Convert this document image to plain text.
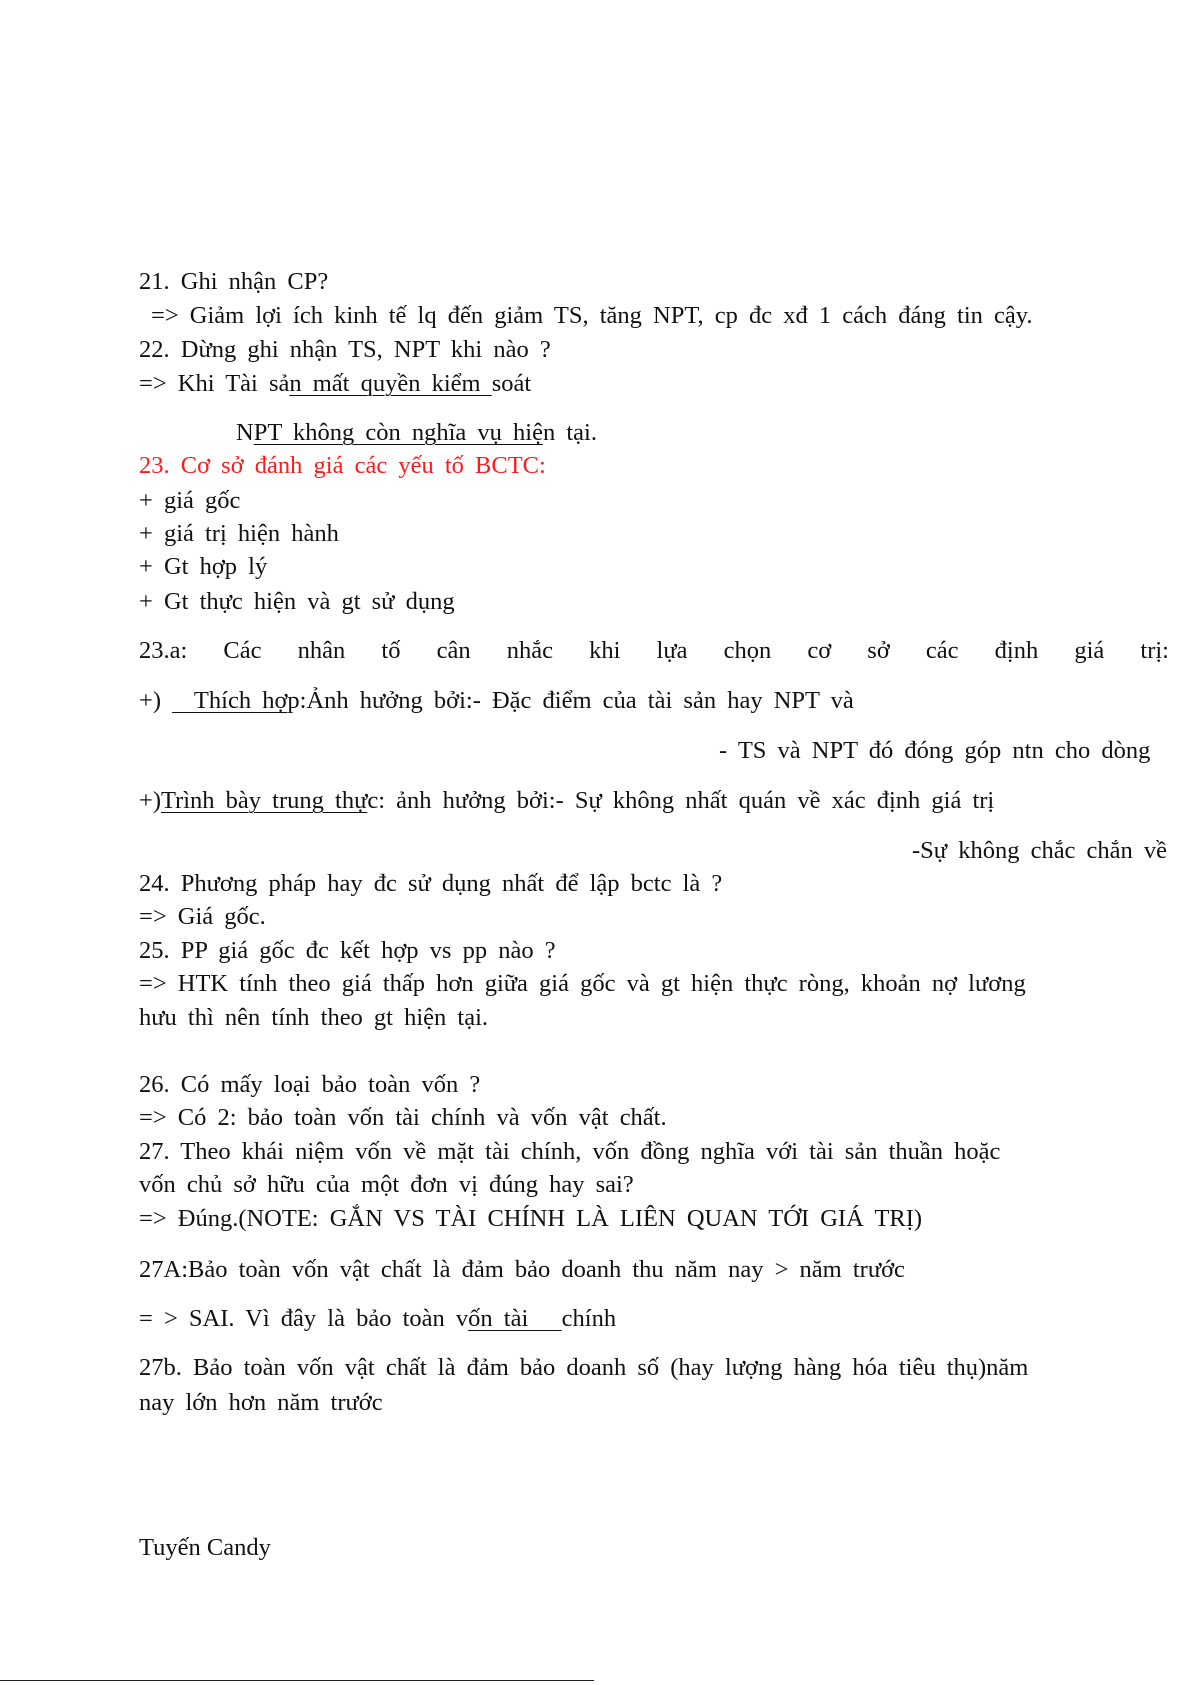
21. Ghi nhận CP?
=> Giảm lợi ích kinh tế lq đến giảm TS, tăng NPT, cp đc xđ 1 cách đáng tin cậy.
22. Dừng ghi nhận TS, NPT khi nào ?
=> Khi Tài sản mất quyền kiểm soát
NPT không còn nghĩa vụ hiện tại.
23. Cơ sở đánh giá các yếu tố BCTC:
+ giá gốc
+ giá trị hiện hành
+ Gt hợp lý
+ Gt thực hiện và gt sử dụng
23.a: Các nhân tố cân nhắc khi lựa chọn cơ sở các định giá trị:
+)   Thích hợp:Ảnh hưởng bởi:- Đặc điểm của tài sản hay NPT và
- TS và NPT đó đóng góp ntn cho dòng
+)Trình bày trung thực: ảnh hưởng bởi:- Sự không nhất quán về xác định giá trị
-Sự không chắc chắn về
24. Phương pháp hay đc sử dụng nhất để lập bctc là ?
=> Giá gốc.
25. PP giá gốc đc kết hợp vs pp nào ?
=> HTK tính theo giá thấp hơn giữa giá gốc và gt hiện thực ròng, khoản nợ lương
hưu thì nên tính theo gt hiện tại.
26. Có mấy loại bảo toàn vốn ?
=> Có 2: bảo toàn vốn tài chính và vốn vật chất.
27. Theo khái niệm vốn về mặt tài chính, vốn đồng nghĩa với tài sản thuần hoặc
vốn chủ sở hữu của một đơn vị đúng hay sai?
=> Đúng.(NOTE: GẮN VS TÀI CHÍNH LÀ LIÊN QUAN TỚI GIÁ TRỊ)
27A:Bảo toàn vốn vật chất là đảm bảo doanh thu năm nay > năm trước
= > SAI. Vì đây là bảo toàn vốn tài   chính
27b. Bảo toàn vốn vật chất là đảm bảo doanh số (hay lượng hàng hóa tiêu thụ)năm
nay lớn hơn năm trước
Tuyến Candy
